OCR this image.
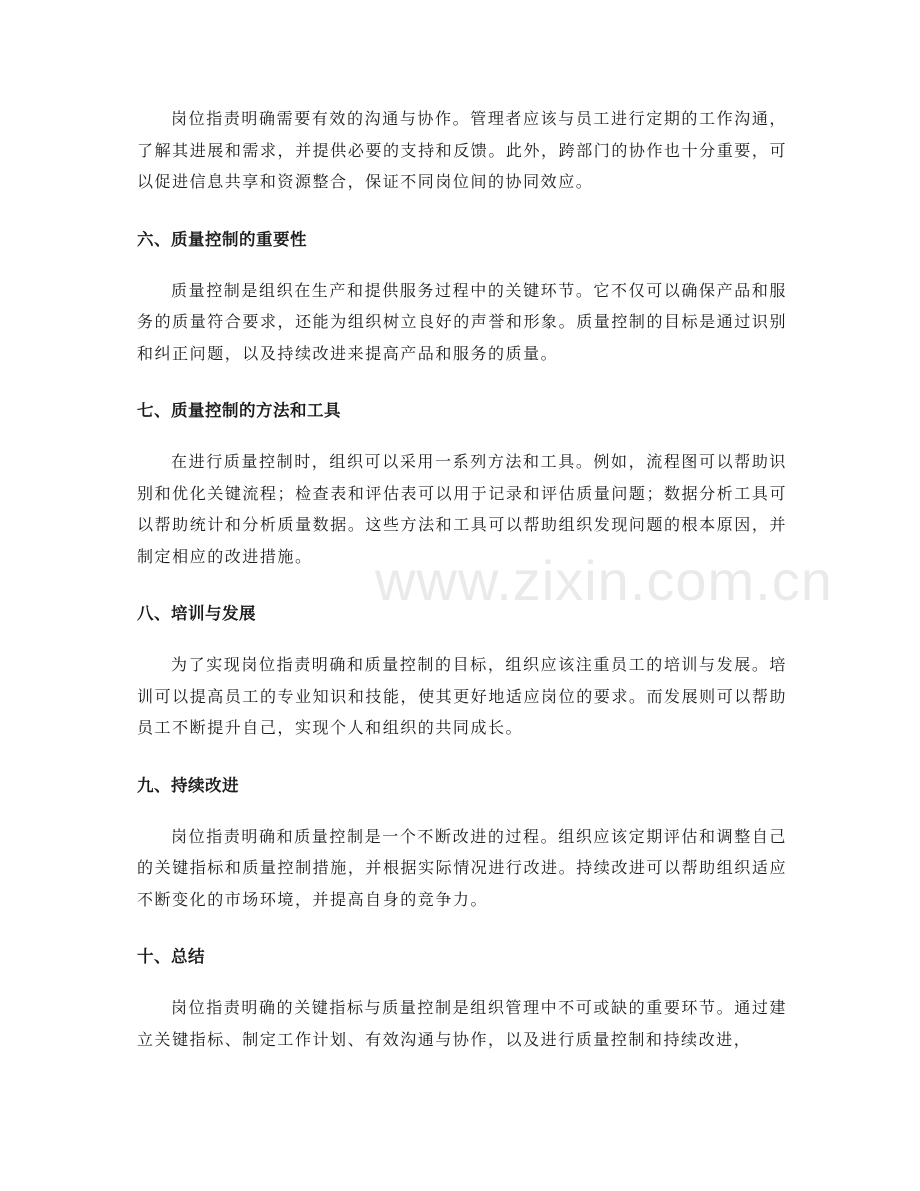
岗位指责明确需要有效的沟通与协作。管理者应该与员工进行定期的工作沟通，了解其进展和需求，并提供必要的支持和反馈。此外，跨部门的协作也十分重要，可以促进信息共享和资源整合，保证不同岗位间的协同效应。

六、质量控制的重要性

质量控制是组织在生产和提供服务过程中的关键环节。它不仅可以确保产品和服务的质量符合要求，还能为组织树立良好的声誉和形象。质量控制的目标是通过识别和纠正问题，以及持续改进来提高产品和服务的质量。

七、质量控制的方法和工具

在进行质量控制时，组织可以采用一系列方法和工具。例如，流程图可以帮助识别和优化关键流程；检查表和评估表可以用于记录和评估质量问题；数据分析工具可以帮助统计和分析质量数据。这些方法和工具可以帮助组织发现问题的根本原因，并制定相应的改进措施。

八、培训与发展

为了实现岗位指责明确和质量控制的目标，组织应该注重员工的培训与发展。培训可以提高员工的专业知识和技能，使其更好地适应岗位的要求。而发展则可以帮助员工不断提升自己，实现个人和组织的共同成长。

九、持续改进

岗位指责明确和质量控制是一个不断改进的过程。组织应该定期评估和调整自己的关键指标和质量控制措施，并根据实际情况进行改进。持续改进可以帮助组织适应不断变化的市场环境，并提高自身的竞争力。

十、总结

岗位指责明确的关键指标与质量控制是组织管理中不可或缺的重要环节。通过建立关键指标、制定工作计划、有效沟通与协作，以及进行质量控制和持续改进，

www.zixin.com.cn
